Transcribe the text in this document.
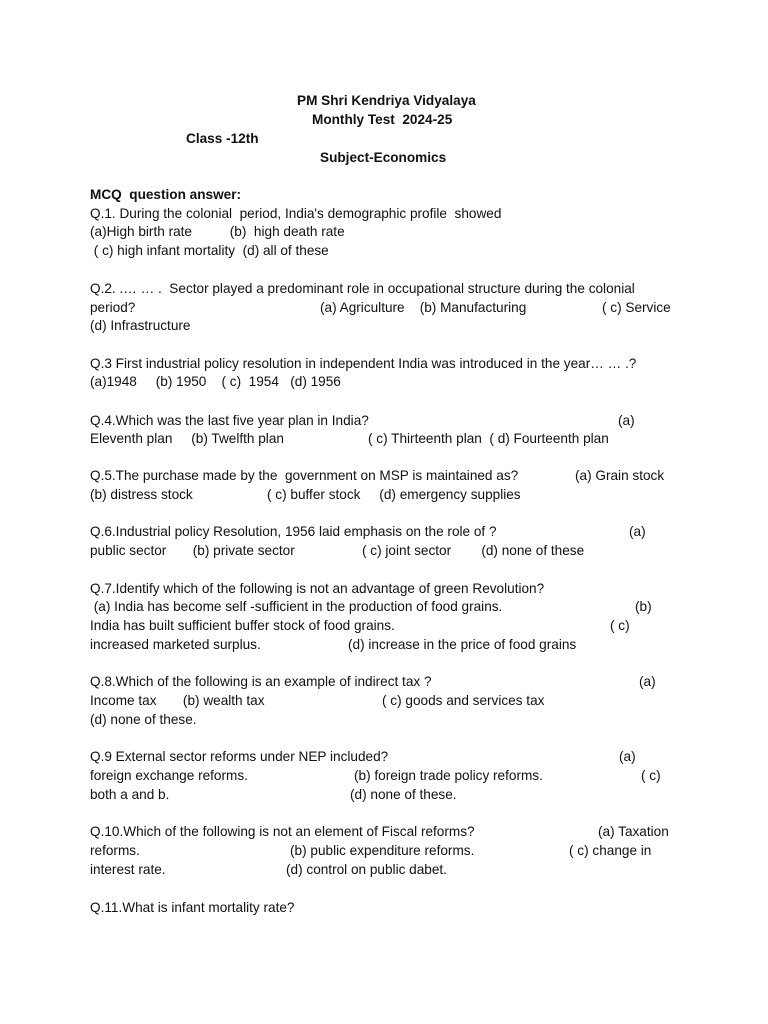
PM Shri Kendriya Vidyalaya
Monthly Test  2024-25
Class -12th
Subject-Economics
MCQ  question answer:
Q.1. During the colonial  period, India's demographic profile  showed
(a)High birth rate          (b)  high death rate
( c) high infant mortality  (d) all of these
Q.2. .… … .  Sector played a predominant role in occupational structure during the colonial
period?	(a) Agriculture    (b) Manufacturing	( c) Service
(d) Infrastructure
Q.3 First industrial policy resolution in independent India was introduced in the year… … .?
(a)1948     (b) 1950    ( c)  1954   (d) 1956
Q.4.Which was the last five year plan in India?	(a)
Eleventh plan     (b) Twelfth plan	( c) Thirteenth plan  ( d) Fourteenth plan
Q.5.The purchase made by the  government on MSP is maintained as?	(a) Grain stock
(b) distress stock	( c) buffer stock     (d) emergency supplies
Q.6.Industrial policy Resolution, 1956 laid emphasis on the role of ?	(a)
public sector       (b) private sector	( c) joint sector        (d) none of these
Q.7.Identify which of the following is not an advantage of green Revolution?
(a) India has become self -sufficient in the production of food grains.	(b)
India has built sufficient buffer stock of food grains.	( c)
increased marketed surplus.	(d) increase in the price of food grains
Q.8.Which of the following is an example of indirect tax ?	(a)
Income tax       (b) wealth tax	( c) goods and services tax
(d) none of these.
Q.9 External sector reforms under NEP included?	(a)
foreign exchange reforms.	(b) foreign trade policy reforms.	( c)
both a and b.	(d) none of these.
Q.10.Which of the following is not an element of Fiscal reforms?	(a) Taxation
reforms.	(b) public expenditure reforms.	( c) change in
interest rate.	(d) control on public dabet.
Q.11.What is infant mortality rate?
